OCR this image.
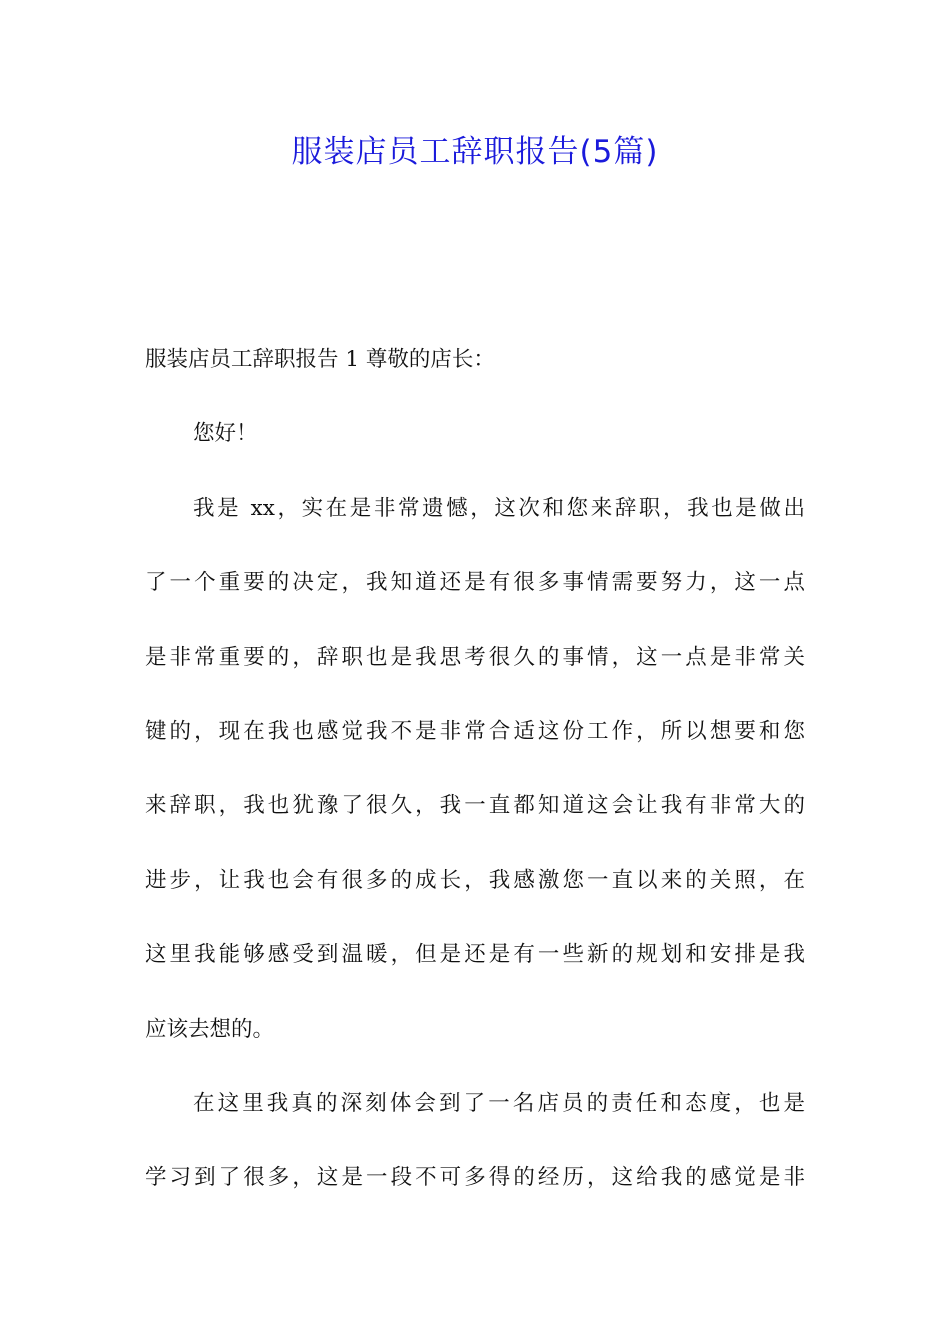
服装店员工辞职报告(5篇)
服装店员工辞职报告 1 尊敬的店长：
您好！
我是 xx，实在是非常遗憾，这次和您来辞职，我也是做出
了一个重要的决定，我知道还是有很多事情需要努力，这一点
是非常重要的，辞职也是我思考很久的事情，这一点是非常关
键的，现在我也感觉我不是非常合适这份工作，所以想要和您
来辞职，我也犹豫了很久，我一直都知道这会让我有非常大的
进步，让我也会有很多的成长，我感激您一直以来的关照，在
这里我能够感受到温暖，但是还是有一些新的规划和安排是我
应该去想的。
在这里我真的深刻体会到了一名店员的责任和态度，也是
学习到了很多，这是一段不可多得的经历，这给我的感觉是非
